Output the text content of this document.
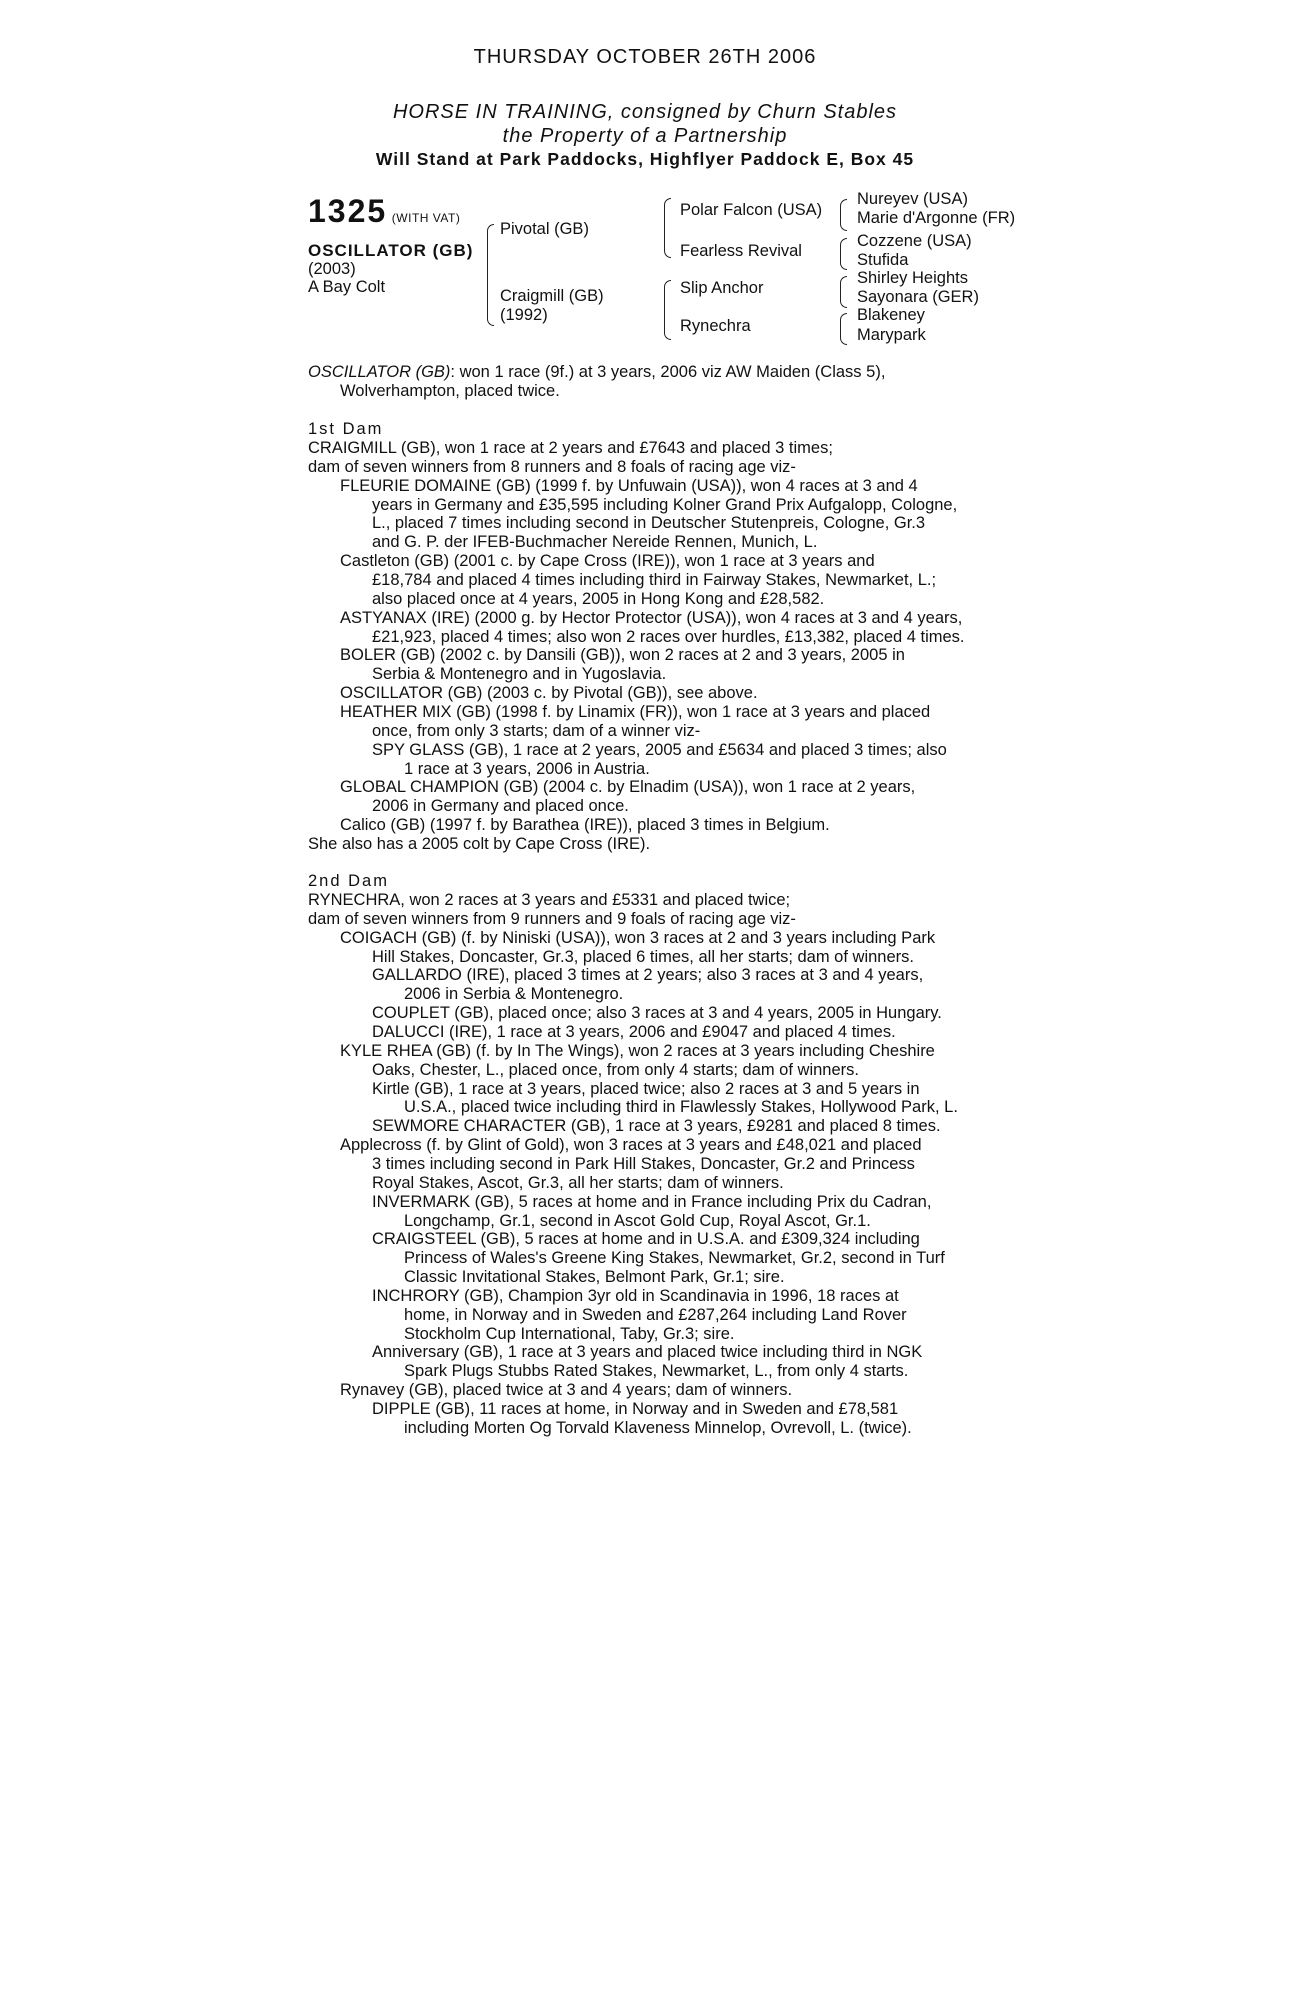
THURSDAY OCTOBER 26TH 2006
HORSE IN TRAINING, consigned by Churn Stables
the Property of a Partnership
Will Stand at Park Paddocks, Highflyer Paddock E, Box 45
1325 (WITH VAT)
OSCILLATOR (GB)
(2003)
A Bay Colt
Pivotal (GB)
Craigmill (GB)
(1992)
Polar Falcon (USA)
Fearless Revival
Slip Anchor
Rynechra
Nureyev (USA)
Marie d'Argonne (FR)
Cozzene (USA)
Stufida
Shirley Heights
Sayonara (GER)
Blakeney
Marypark
OSCILLATOR (GB): won 1 race (9f.) at 3 years, 2006 viz AW Maiden (Class 5),
Wolverhampton, placed twice.
1st Dam
CRAIGMILL (GB), won 1 race at 2 years and £7643 and placed 3 times;
dam of seven winners from 8 runners and 8 foals of racing age viz-
FLEURIE DOMAINE (GB) (1999 f. by Unfuwain (USA)), won 4 races at 3 and 4
years in Germany and £35,595 including Kolner Grand Prix Aufgalopp, Cologne,
L., placed 7 times including second in Deutscher Stutenpreis, Cologne, Gr.3
and G. P. der IFEB-Buchmacher Nereide Rennen, Munich, L.
Castleton (GB) (2001 c. by Cape Cross (IRE)), won 1 race at 3 years and
£18,784 and placed 4 times including third in Fairway Stakes, Newmarket, L.;
also placed once at 4 years, 2005 in Hong Kong and £28,582.
ASTYANAX (IRE) (2000 g. by Hector Protector (USA)), won 4 races at 3 and 4 years,
£21,923, placed 4 times; also won 2 races over hurdles, £13,382, placed 4 times.
BOLER (GB) (2002 c. by Dansili (GB)), won 2 races at 2 and 3 years, 2005 in
Serbia & Montenegro and in Yugoslavia.
OSCILLATOR (GB) (2003 c. by Pivotal (GB)), see above.
HEATHER MIX (GB) (1998 f. by Linamix (FR)), won 1 race at 3 years and placed
once, from only 3 starts; dam of a winner viz-
SPY GLASS (GB), 1 race at 2 years, 2005 and £5634 and placed 3 times; also
1 race at 3 years, 2006 in Austria.
GLOBAL CHAMPION (GB) (2004 c. by Elnadim (USA)), won 1 race at 2 years,
2006 in Germany and placed once.
Calico (GB) (1997 f. by Barathea (IRE)), placed 3 times in Belgium.
She also has a 2005 colt by Cape Cross (IRE).
2nd Dam
RYNECHRA, won 2 races at 3 years and £5331 and placed twice;
dam of seven winners from 9 runners and 9 foals of racing age viz-
COIGACH (GB) (f. by Niniski (USA)), won 3 races at 2 and 3 years including Park
Hill Stakes, Doncaster, Gr.3, placed 6 times, all her starts; dam of winners.
GALLARDO (IRE), placed 3 times at 2 years; also 3 races at 3 and 4 years,
2006 in Serbia & Montenegro.
COUPLET (GB), placed once; also 3 races at 3 and 4 years, 2005 in Hungary.
DALUCCI (IRE), 1 race at 3 years, 2006 and £9047 and placed 4 times.
KYLE RHEA (GB) (f. by In The Wings), won 2 races at 3 years including Cheshire
Oaks, Chester, L., placed once, from only 4 starts; dam of winners.
Kirtle (GB), 1 race at 3 years, placed twice; also 2 races at 3 and 5 years in
U.S.A., placed twice including third in Flawlessly Stakes, Hollywood Park, L.
SEWMORE CHARACTER (GB), 1 race at 3 years, £9281 and placed 8 times.
Applecross (f. by Glint of Gold), won 3 races at 3 years and £48,021 and placed
3 times including second in Park Hill Stakes, Doncaster, Gr.2 and Princess
Royal Stakes, Ascot, Gr.3, all her starts; dam of winners.
INVERMARK (GB), 5 races at home and in France including Prix du Cadran,
Longchamp, Gr.1, second in Ascot Gold Cup, Royal Ascot, Gr.1.
CRAIGSTEEL (GB), 5 races at home and in U.S.A. and £309,324 including
Princess of Wales's Greene King Stakes, Newmarket, Gr.2, second in Turf
Classic Invitational Stakes, Belmont Park, Gr.1; sire.
INCHRORY (GB), Champion 3yr old in Scandinavia in 1996, 18 races at
home, in Norway and in Sweden and £287,264 including Land Rover
Stockholm Cup International, Taby, Gr.3; sire.
Anniversary (GB), 1 race at 3 years and placed twice including third in NGK
Spark Plugs Stubbs Rated Stakes, Newmarket, L., from only 4 starts.
Rynavey (GB), placed twice at 3 and 4 years; dam of winners.
DIPPLE (GB), 11 races at home, in Norway and in Sweden and £78,581
including Morten Og Torvald Klaveness Minnelop, Ovrevoll, L. (twice).
